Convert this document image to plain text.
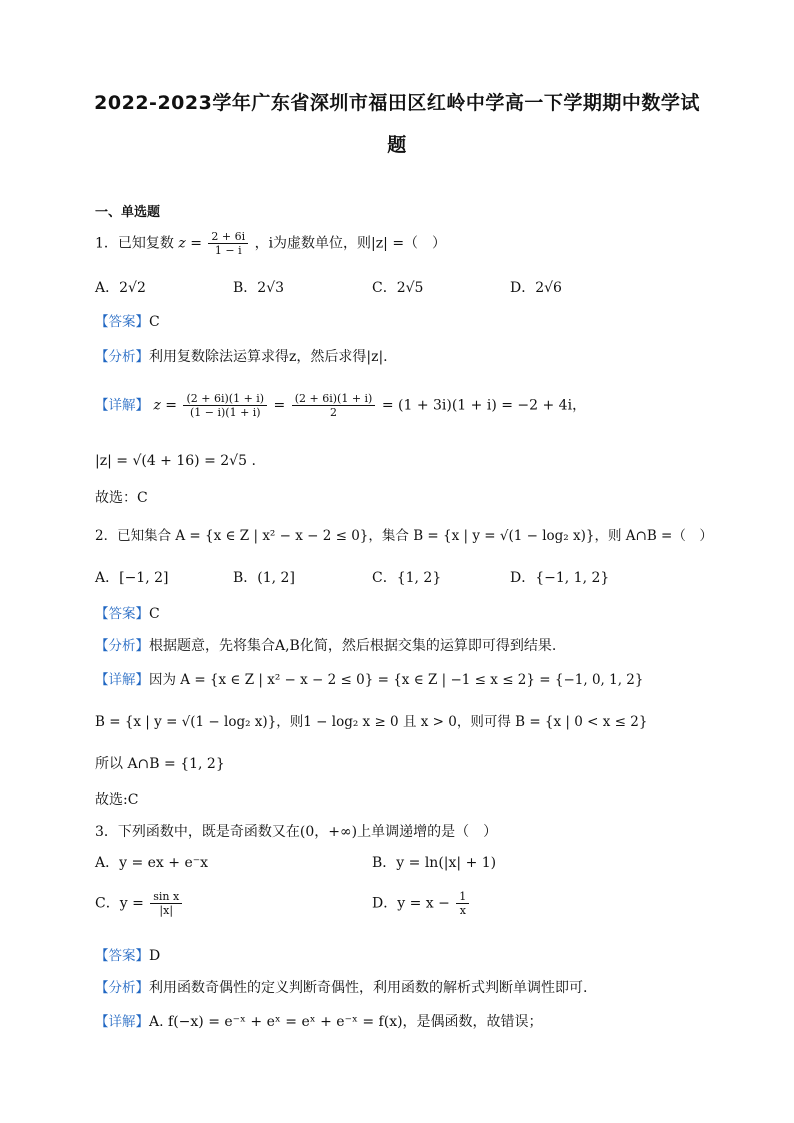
2022-2023学年广东省深圳市福田区红岭中学高一下学期期中数学试
题
一、单选题
1．已知复数 $z = \frac{2 + 6i}{1 - i}$ ，i为虚数单位，则|z| =（　）
A．2√2	B．2√3	C．2√5	D．2√6
【答案】C
【分析】利用复数除法运算求得z，然后求得|z|.
【详解】 $z = \frac{(2 + 6i)(1 + i)}{(1 - i)(1 + i)} = \frac{(2 + 6i)(1 + i)}{2} = (1 + 3i)(1 + i) = -2 + 4i$，
|z| = √(4 + 16) = 2√5 .
故选：C
2．已知集合 A = {x ∈ Z | x² − x − 2 ≤ 0}，集合 B = {x | y = √(1 − log₂ x)}，则 A∩B =（　）
A．[−1, 2]	B．(1, 2]	C．{1, 2}	D．{−1, 1, 2}
【答案】C
【分析】根据题意，先将集合A,B化简，然后根据交集的运算即可得到结果.
【详解】因为 A = {x ∈ Z | x² − x − 2 ≤ 0} = {x ∈ Z | −1 ≤ x ≤ 2} = {−1, 0, 1, 2}
B = {x | y = √(1 − log₂ x)}，则1 − log₂ x ≥ 0 且 x > 0，则可得 B = {x | 0 < x ≤ 2}
所以 A∩B = {1, 2}
故选:C
3．下列函数中，既是奇函数又在(0，+∞)上单调递增的是（　）
A．y = ex + e⁻x	B．y = ln(|x| + 1)
C．$y = \frac{\text{sin x}}{|x|}$	D．$y = x - \frac{1}{x}$
【答案】D
【分析】利用函数奇偶性的定义判断奇偶性，利用函数的解析式判断单调性即可.
【详解】A. f(−x) = e⁻ˣ + eˣ = eˣ + e⁻ˣ = f(x)，是偶函数，故错误；
